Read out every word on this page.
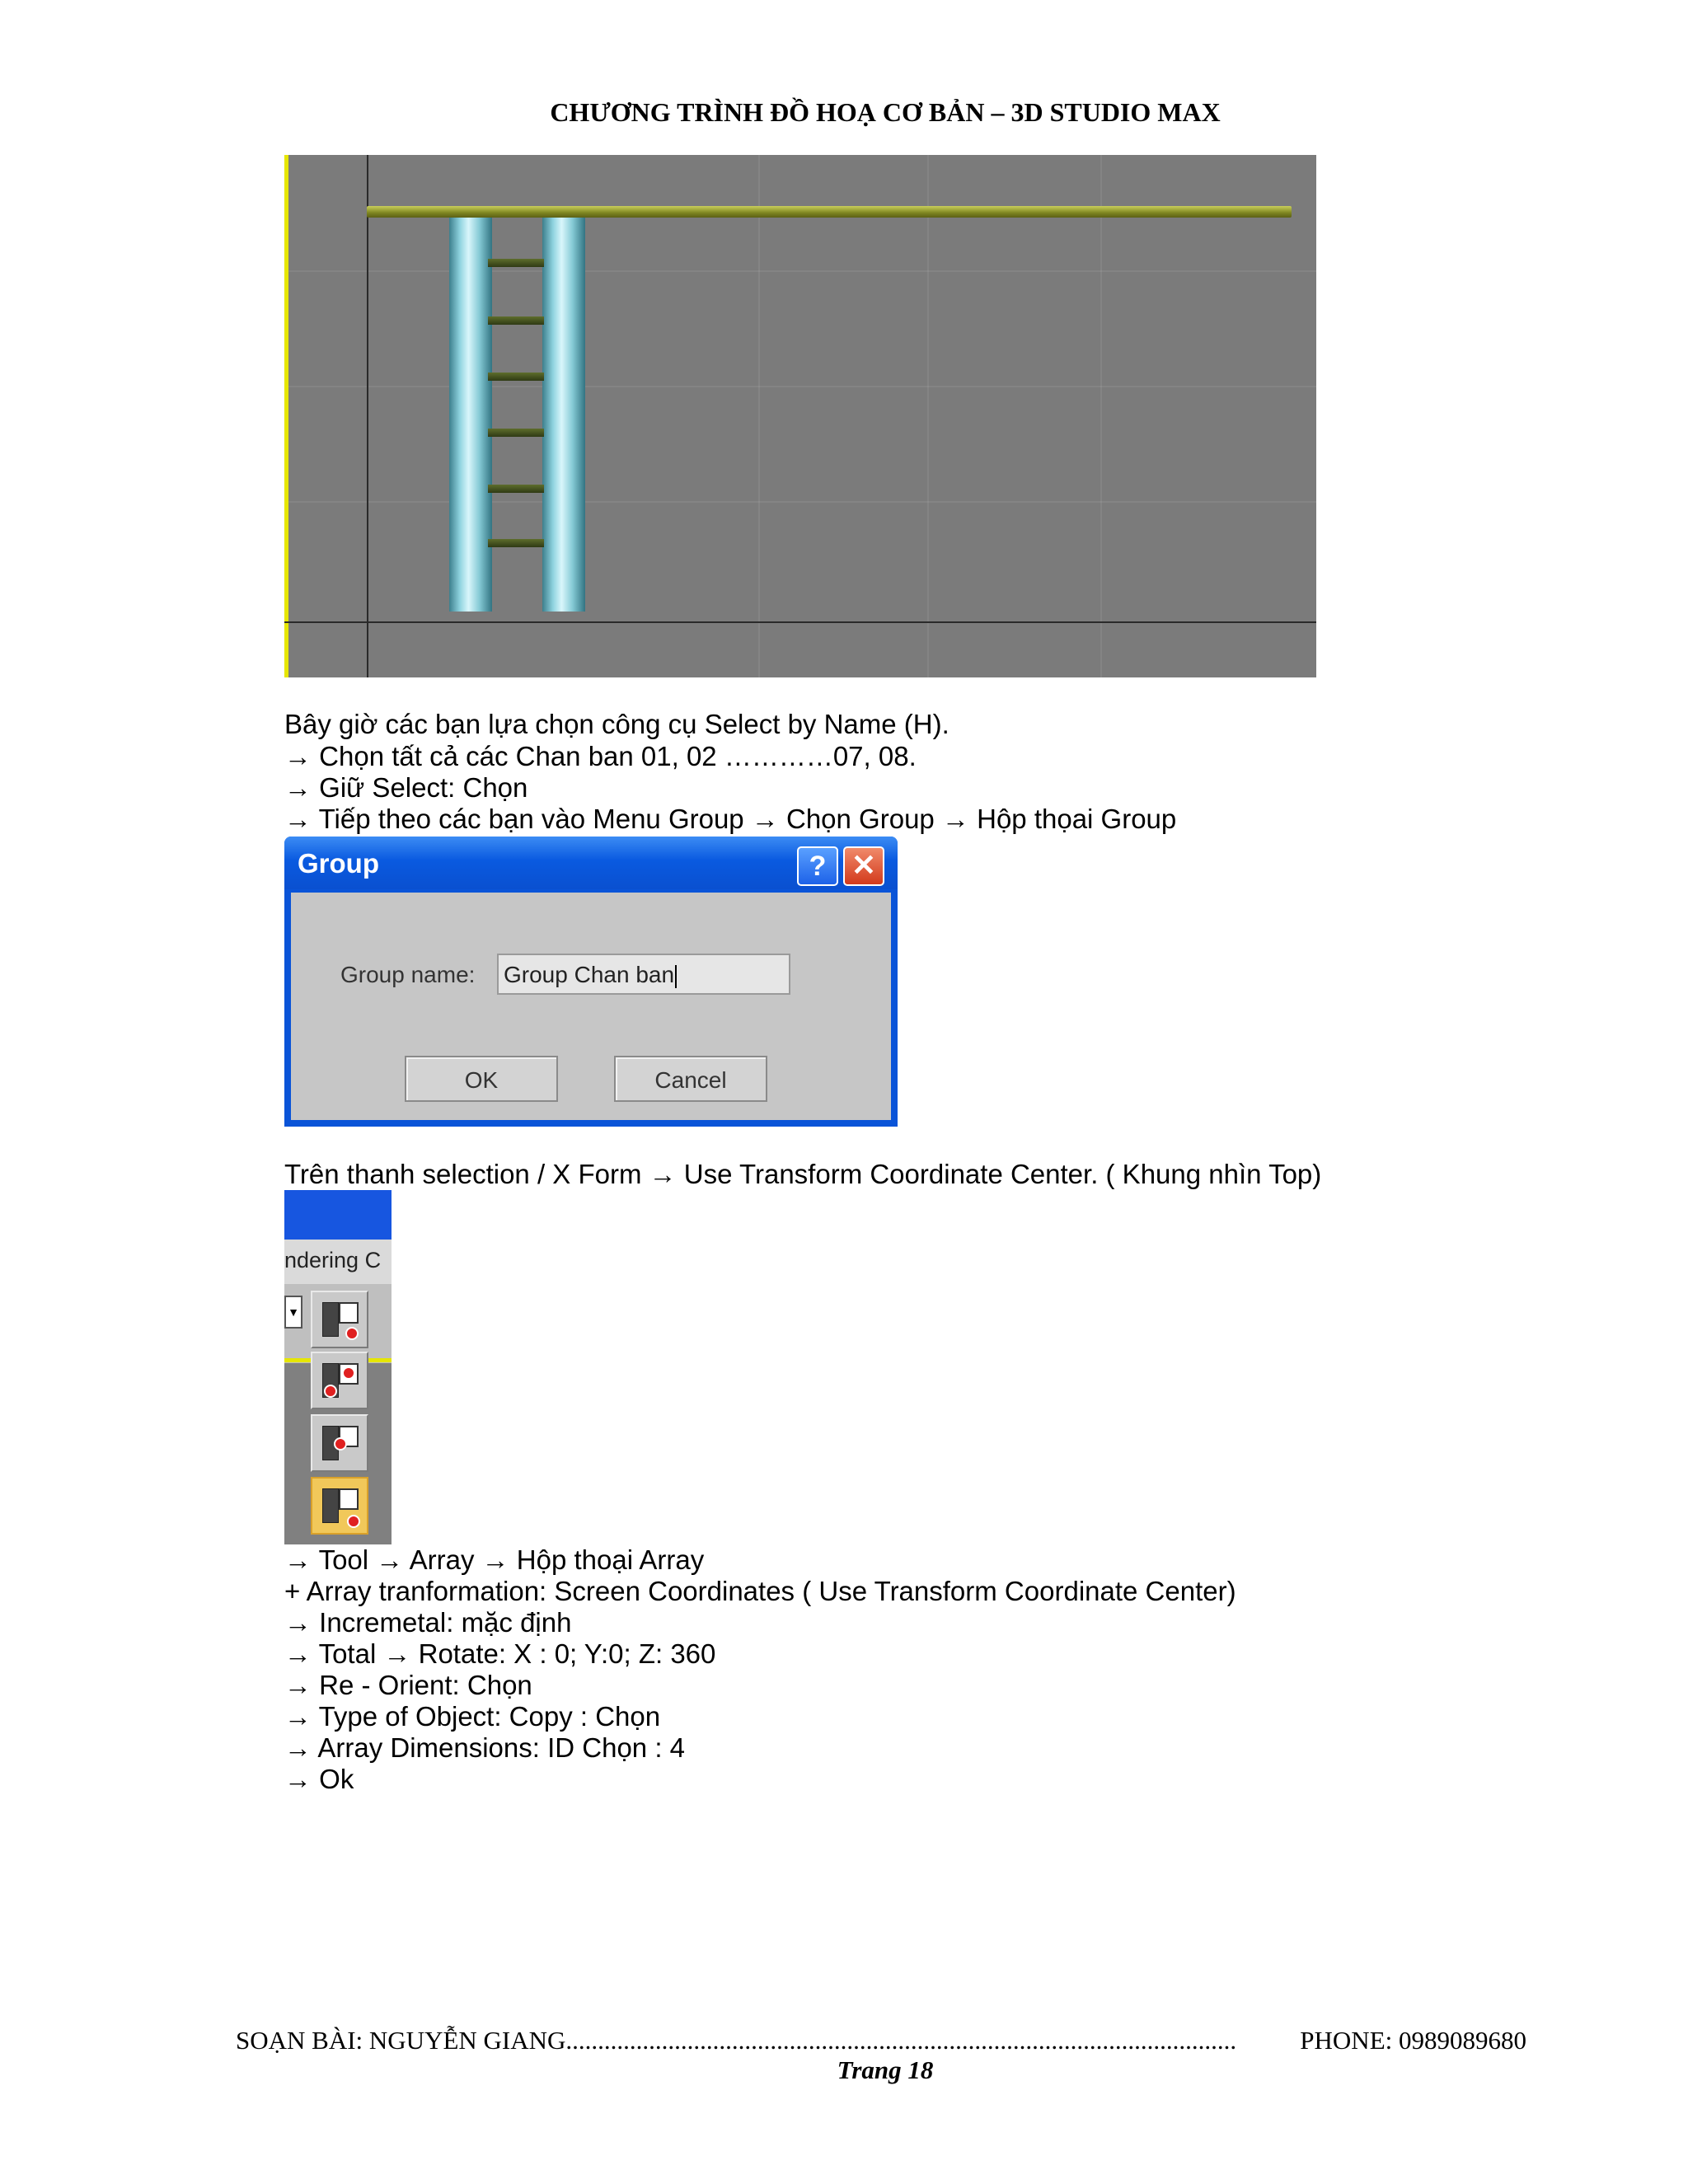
CHƯƠNG TRÌNH ĐỒ HOẠ CƠ BẢN – 3D STUDIO MAX
Bây giờ các bạn lựa chọn công cụ Select by Name (H).
→ Chọn tất cả các Chan ban 01, 02 …………07, 08.
→ Giữ Select: Chọn
→ Tiếp theo các bạn vào Menu Group → Chọn Group → Hộp thọai Group
Group	? ✕
Group name: Group Chan ban
OK	Cancel
Trên thanh selection / X Form → Use Transform Coordinate Center. ( Khung nhìn Top)
ndering C
▼
→ Tool → Array → Hộp thoại Array
+ Array tranformation: Screen Coordinates ( Use Transform Coordinate Center)
→ Incremetal: mặc định
→ Total → Rotate: X : 0; Y:0; Z: 360
→ Re - Orient: Chọn
→ Type of Object: Copy : Chọn
→ Array Dimensions: ID Chọn : 4
→ Ok
SOẠN BÀI: NGUYỄN GIANG......................................................................................................... PHONE: 0989089680
Trang 18
